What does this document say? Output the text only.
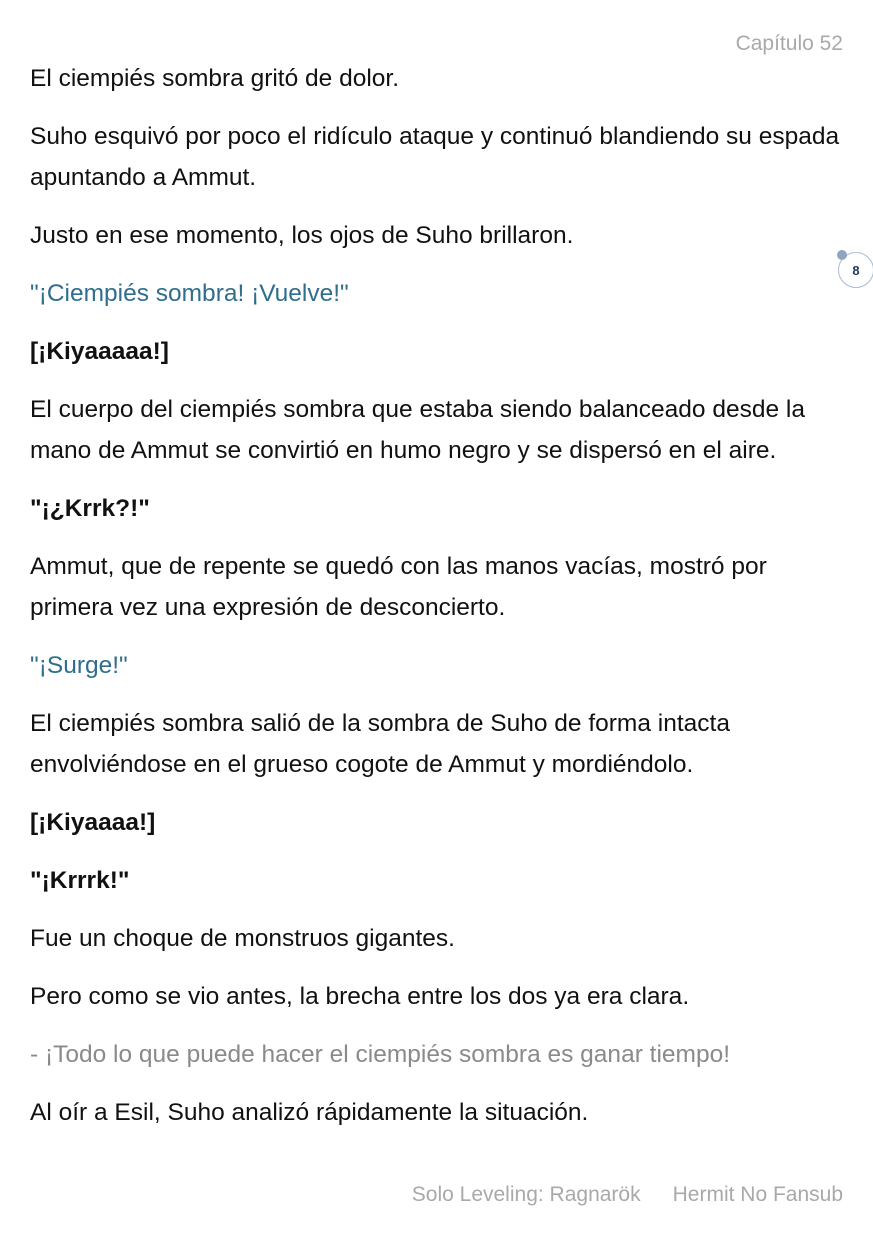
Capítulo 52
8

El ciempiés sombra gritó de dolor.

Suho esquivó por poco el ridículo ataque y continuó blandiendo su espada apuntando a Ammut.

Justo en ese momento, los ojos de Suho brillaron.

"¡Ciempiés sombra! ¡Vuelve!"

[¡Kiyaaaaa!]

El cuerpo del ciempiés sombra que estaba siendo balanceado desde la mano de Ammut se convirtió en humo negro y se dispersó en el aire.

"¡¿Krrk?!"

Ammut, que de repente se quedó con las manos vacías, mostró por primera vez una expresión de desconcierto.

"¡Surge!"

El ciempiés sombra salió de la sombra de Suho de forma intacta envolviéndose en el grueso cogote de Ammut y mordiéndolo.

[¡Kiyaaaa!]

"¡Krrrk!"

Fue un choque de monstruos gigantes.

Pero como se vio antes, la brecha entre los dos ya era clara.

- ¡Todo lo que puede hacer el ciempiés sombra es ganar tiempo!

Al oír a Esil, Suho analizó rápidamente la situación.

Solo Leveling: Ragnarök Hermit No Fansub
